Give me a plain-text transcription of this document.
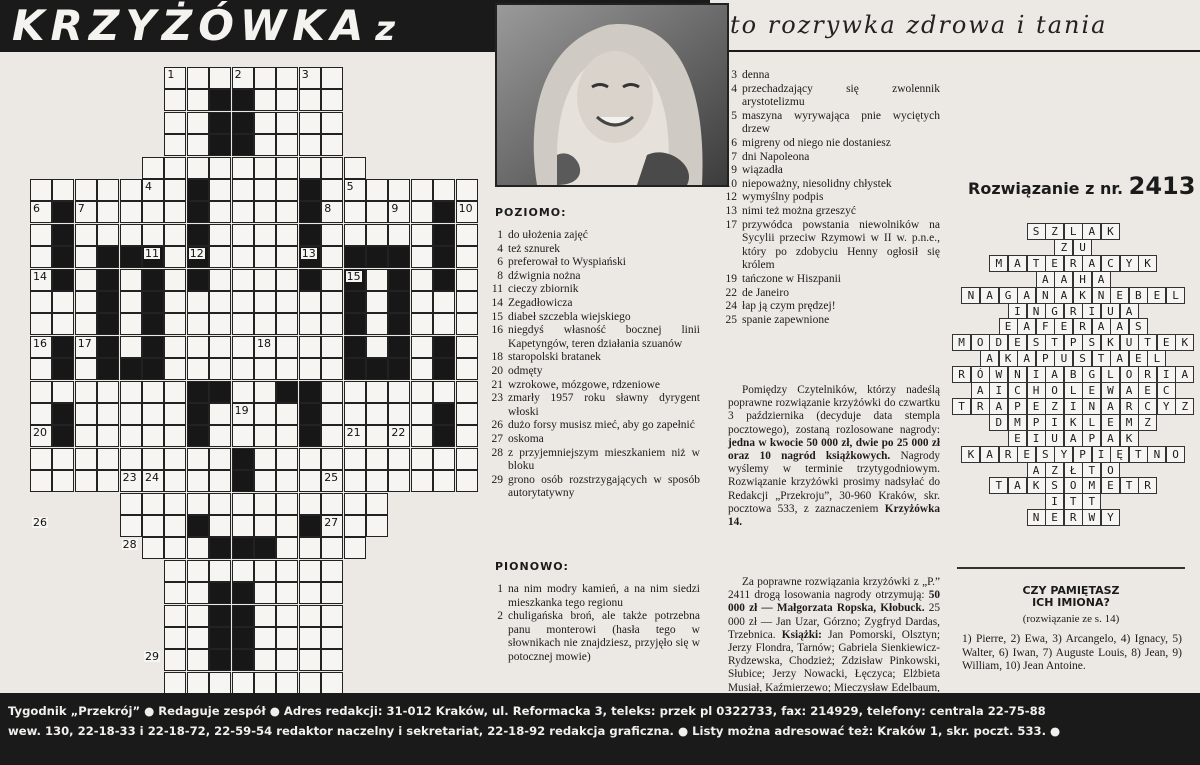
KRZYŻÓWKA z	to rozrywka zdrowa i tania
1	2	3
4	5
6	7	8	9	10
11	12	13
14	15
16	17	18
19
20	21	22
23 24	25
26	27
28
29
POZIOMO:
1 do ułożenia zajęć
4 też sznurek
6 preferował to Wyspiański
8 dźwignia nożna
11 cieczy zbiornik
14 Zegadłowicza
15 diabeł szczebla wiejskiego
16 niegdyś własność bocznej linii Kapetyngów, teren działania szuanów
18 staropolski bratanek
20 odmęty
21 wzrokowe, mózgowe, rdzeniowe
23 zmarły 1957 roku sławny dyrygent włoski
26 dużo forsy musisz mieć, aby go zapełnić
27 oskoma
28 z przyjemniejszym mieszkaniem niż w bloku
29 grono osób rozstrzygających w sposób autorytatywny
PIONOWO:
1 na nim modry kamień, a na nim siedzi mieszkanka tego regionu
2 chuligańska broń, ale także potrzebna panu monterowi (hasła tego w słownikach nie znajdziesz, przyjęło się w potocznej mowie)
3 denna
4 przechadzający się zwolennik arystotelizmu
5 maszyna wyrywająca pnie wyciętych drzew
6 migreny od niego nie dostaniesz
7 dni Napoleona
9 wiązadła
10 niepoważny, niesolidny chłystek
12 wymyślny podpis
13 nimi też można grzeszyć
17 przywódca powstania niewolników na Sycylii przeciw Rzymowi w II w. p.n.e., który po zdobyciu Henny ogłosił się królem
19 tańczone w Hiszpanii
22 de Janeiro
24 łap ją czym prędzej!
25 spanie zapewnione
Pomiędzy Czytelników, którzy nadeślą poprawne rozwiązanie krzyżówki do czwartku 3 października (decyduje data stempla pocztowego), zostaną rozlosowane nagrody: jedna w kwocie 50 000 zł, dwie po 25 000 zł oraz 10 nagród książkowych. Nagrody wyślemy w terminie trzytygodniowym. Rozwiązanie krzyżówki prosimy nadsyłać do Redakcji „Przekroju”, 30-960 Kraków, skr. pocztowa 533, z zaznaczeniem Krzyżówka 14.
Za poprawne rozwiązania krzyżówki z „P.” 2411 drogą losowania nagrody otrzymują: 50 000 zł — Małgorzata Ropska, Kłobuck. 25 000 zł — Jan Uzar, Górzno; Zygfryd Dardas, Trzebnica. Książki: Jan Pomorski, Olsztyn; Jerzy Flondra, Tarnów; Gabriela Sienkiewicz-Rydzewska, Chodzież; Zdzisław Pinkowski, Słubice; Jerzy Nowacki, Łęczyca; Elżbieta Musiał, Kaźmierzewo; Mieczysław Edelbaum,
Rozwiązanie z nr. 2413
S	Z	L	A	K
Z	U
M	A	T	E	R	A	C	Y	K
A	A	H	A
N	A	G	A	N	A	K	N	E	B	E	L
I	N	G	R	I	U	A
E	A	F	E	R	A	A	S
M	O	D	E	S	T	P	S	K	U	T	E	K
A	K	A	P	U	S	T	A	E	L
R	Ó	W	N	I	A	B	G	L	O	R	I	A
A	I	C	H	O	L	E	W	A	E	C
T	R	A	P	E	Z	I	N	A	R	C	Y	Z
D	M	P	I	K	L	E	M	Z
E	I	U	A	P	A	K
K	A	R	E	S	Y	P	I	Ę	T	N	O
A	Z	Ł	T	O
T	A	K	S	O	M	E	T	R
I	T	T
N	E	R	W	Y
CZY PAMIĘTASZ
ICH IMIONA?
(rozwiązanie ze s. 14)
1) Pierre, 2) Ewa, 3) Arcangelo, 4) Ignacy, 5) Walter, 6) Iwan, 7) Auguste Louis, 8) Jean, 9) William, 10) Jean Antoine.
Tygodnik „Przekrój” ● Redaguje zespół ● Adres redakcji: 31-012 Kraków, ul. Reformacka 3, teleks: przek pl 0322733, fax: 214929, telefony: centrala 22-75-88
wew. 130, 22-18-33 i 22-18-72, 22-59-54 redaktor naczelny i sekretariat, 22-18-92 redakcja graficzna. ● Listy można adresować też: Kraków 1, skr. poczt. 533. ●
